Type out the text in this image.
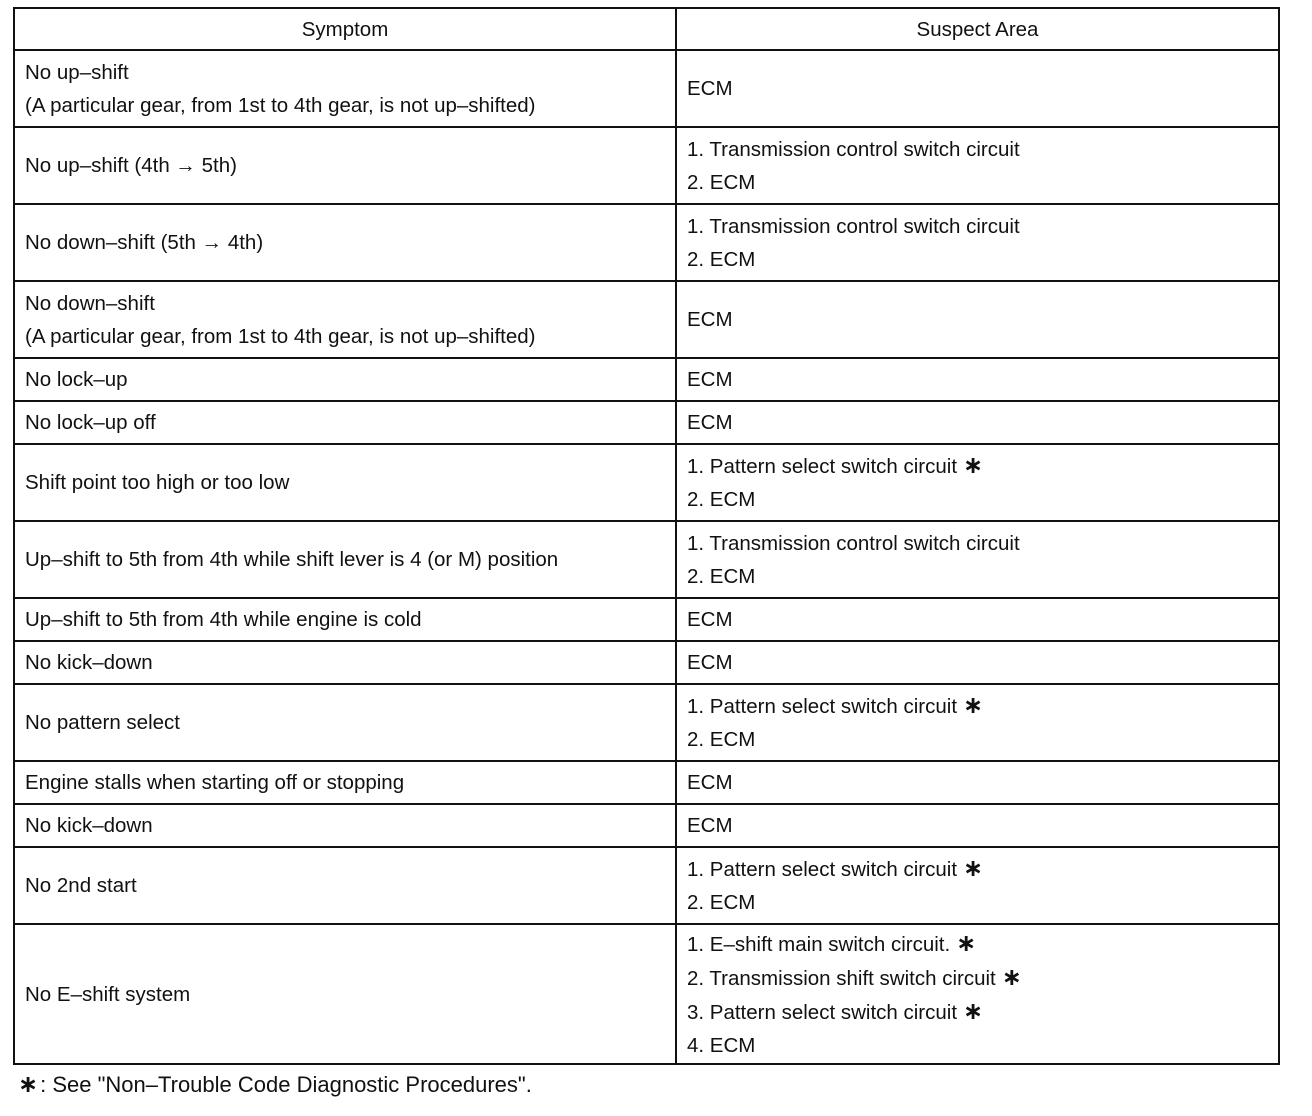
Symptom	Suspect Area

No up–shift
(A particular gear, from 1st to 4th gear, is not up–shifted)	ECM

No up–shift (4th → 5th)	1. Transmission control switch circuit
2. ECM

No down–shift (5th → 4th)	1. Transmission control switch circuit
2. ECM

No down–shift
(A particular gear, from 1st to 4th gear, is not up–shifted)	ECM

No lock–up	ECM

No lock–up off	ECM

Shift point too high or too low	1. Pattern select switch circuit ∗
2. ECM

Up–shift to 5th from 4th while shift lever is 4 (or M) position	1. Transmission control switch circuit
2. ECM

Up–shift to 5th from 4th while engine is cold	ECM

No kick–down	ECM

No pattern select	1. Pattern select switch circuit ∗
2. ECM

Engine stalls when starting off or stopping	ECM

No kick–down	ECM

No 2nd start	1. Pattern select switch circuit ∗
2. ECM

No E–shift system	1. E–shift main switch circuit. ∗
2. Transmission shift switch circuit ∗
3. Pattern select switch circuit ∗
4. ECM
∗: See "Non–Trouble Code Diagnostic Procedures".
